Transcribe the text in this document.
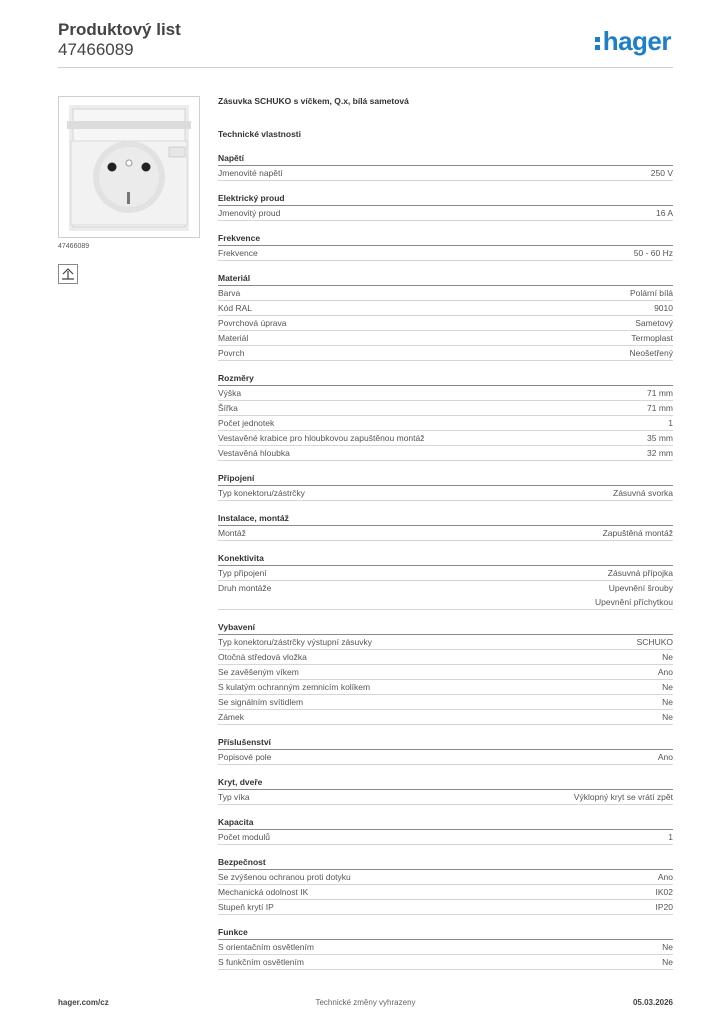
Produktový list
47466089	hager
47466089
Zásuvka SCHUKO s víčkem, Q.x, bílá sametová
Technické vlastnosti
Napětí
Jmenovité napětí	250 V
Elektrický proud
Jmenovitý proud	16 A
Frekvence
Frekvence	50 - 60 Hz
Materiál
Barva	Polární bílá
Kód RAL	9010
Povrchová úprava	Sametový
Materiál	Termoplast
Povrch	Neošetřený
Rozměry
Výška	71 mm
Šířka	71 mm
Počet jednotek	1
Vestavěné krabice pro hloubkovou zapuštěnou montáž	35 mm
Vestavěná hloubka	32 mm
Připojení
Typ konektoru/zástrčky	Zásuvná svorka
Instalace, montáž
Montáž	Zapuštěná montáž
Konektivita
Typ připojení	Zásuvná přípojka
Druh montáže	Upevnění šrouby
Upevnění příchytkou
Vybavení
Typ konektoru/zástrčky výstupní zásuvky	SCHUKO
Otočná středová vložka	Ne
Se zavěšeným víkem	Ano
S kulatým ochranným zemnicím kolíkem	Ne
Se signálním svítidlem	Ne
Zámek	Ne
Příslušenství
Popisové pole	Ano
Kryt, dveře
Typ víka	Výklopný kryt se vrátí zpět
Kapacita
Počet modulů	1
Bezpečnost
Se zvýšenou ochranou proti dotyku	Ano
Mechanická odolnost IK	IK02
Stupeň krytí IP	IP20
Funkce
S orientačním osvětlením	Ne
S funkčním osvětlením	Ne
hager.com/cz	Technické změny vyhrazeny	05.03.2026
